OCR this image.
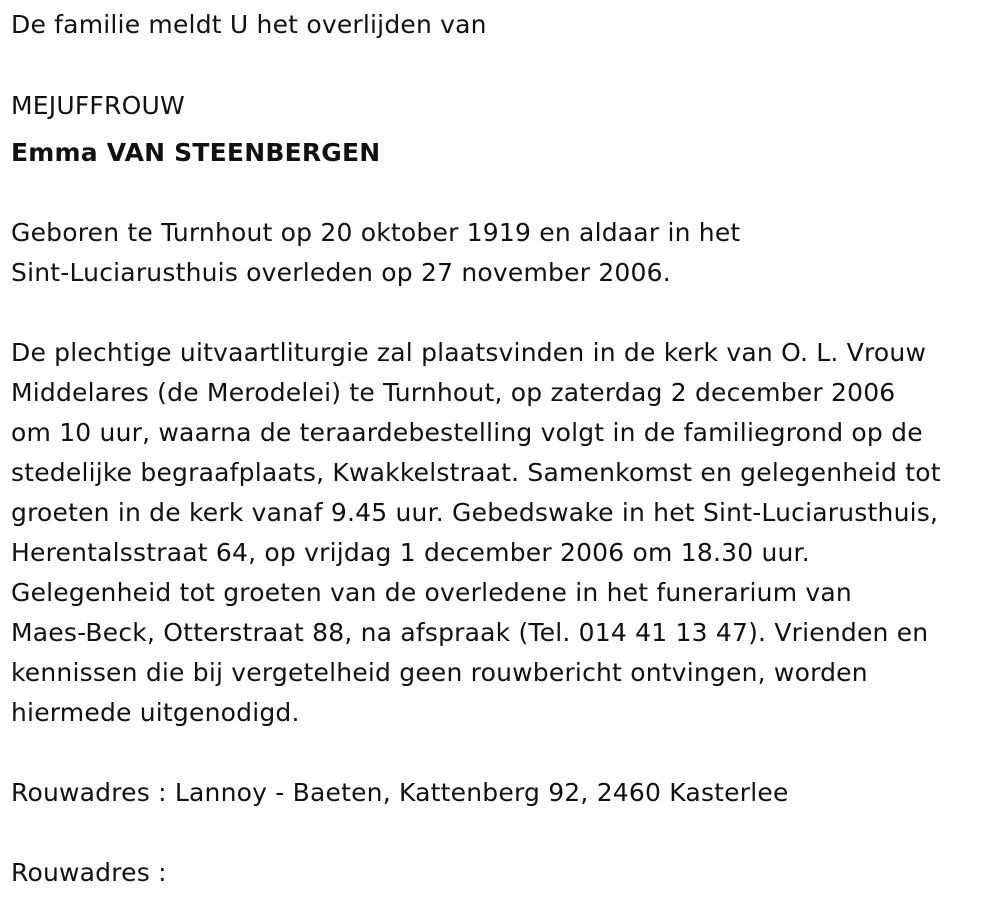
De familie meldt U het overlijden van
MEJUFFROUW
Emma VAN STEENBERGEN
Geboren te Turnhout op 20 oktober 1919 en aldaar in het
Sint-Luciarusthuis overleden op 27 november 2006.
De plechtige uitvaartliturgie zal plaatsvinden in de kerk van O. L. Vrouw
Middelares (de Merodelei) te Turnhout, op zaterdag 2 december 2006
om 10 uur, waarna de teraardebestelling volgt in de familiegrond op de
stedelijke begraafplaats, Kwakkelstraat. Samenkomst en gelegenheid tot
groeten in de kerk vanaf 9.45 uur. Gebedswake in het Sint-Luciarusthuis,
Herentalsstraat 64, op vrijdag 1 december 2006 om 18.30 uur.
Gelegenheid tot groeten van de overledene in het funerarium van
Maes-Beck, Otterstraat 88, na afspraak (Tel. 014 41 13 47). Vrienden en
kennissen die bij vergetelheid geen rouwbericht ontvingen, worden
hiermede uitgenodigd.
Rouwadres : Lannoy - Baeten, Kattenberg 92, 2460 Kasterlee
Rouwadres :
